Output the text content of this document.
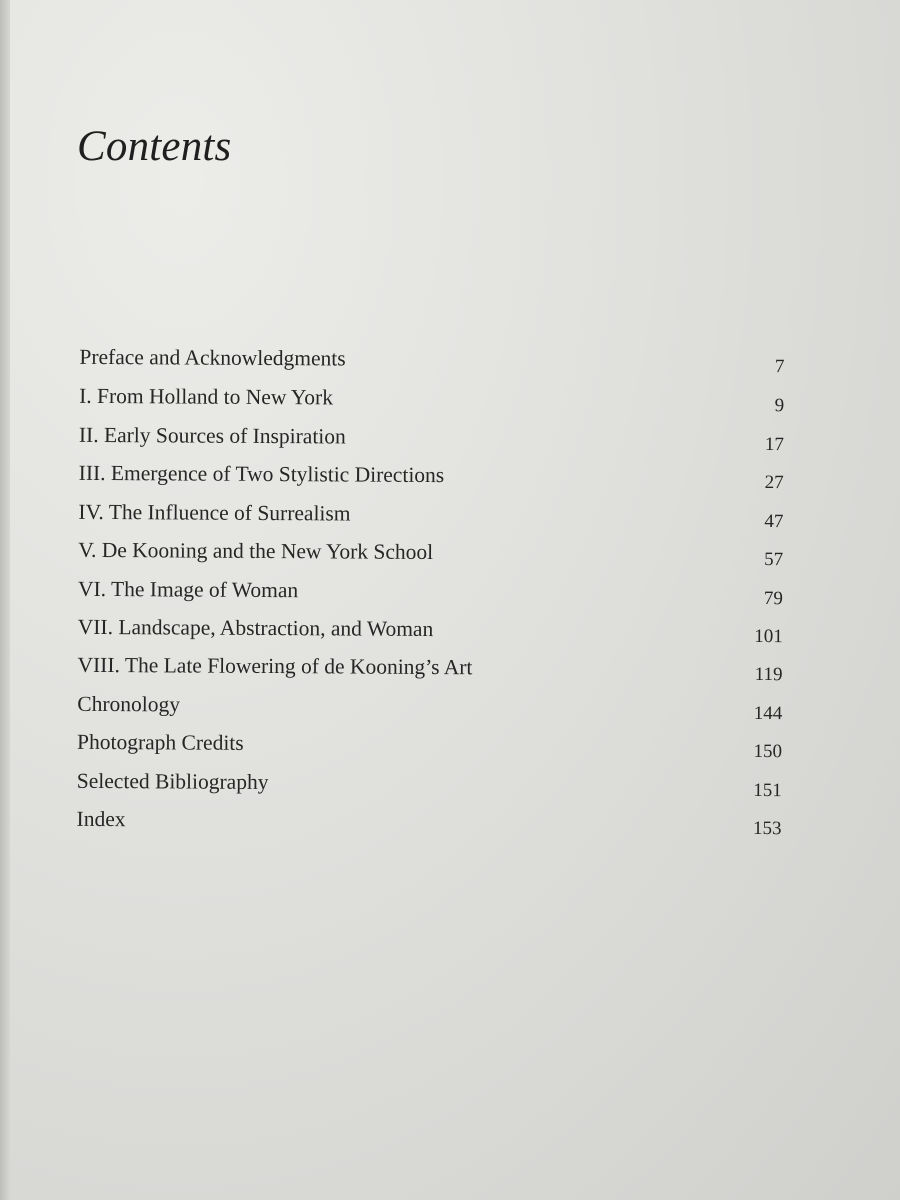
Contents
Preface and Acknowledgments	7
I. From Holland to New York	9
II. Early Sources of Inspiration	17
III. Emergence of Two Stylistic Directions	27
IV. The Influence of Surrealism	47
V. De Kooning and the New York School	57
VI. The Image of Woman	79
VII. Landscape, Abstraction, and Woman	101
VIII. The Late Flowering of de Kooning’s Art	119
Chronology	144
Photograph Credits	150
Selected Bibliography	151
Index	153
